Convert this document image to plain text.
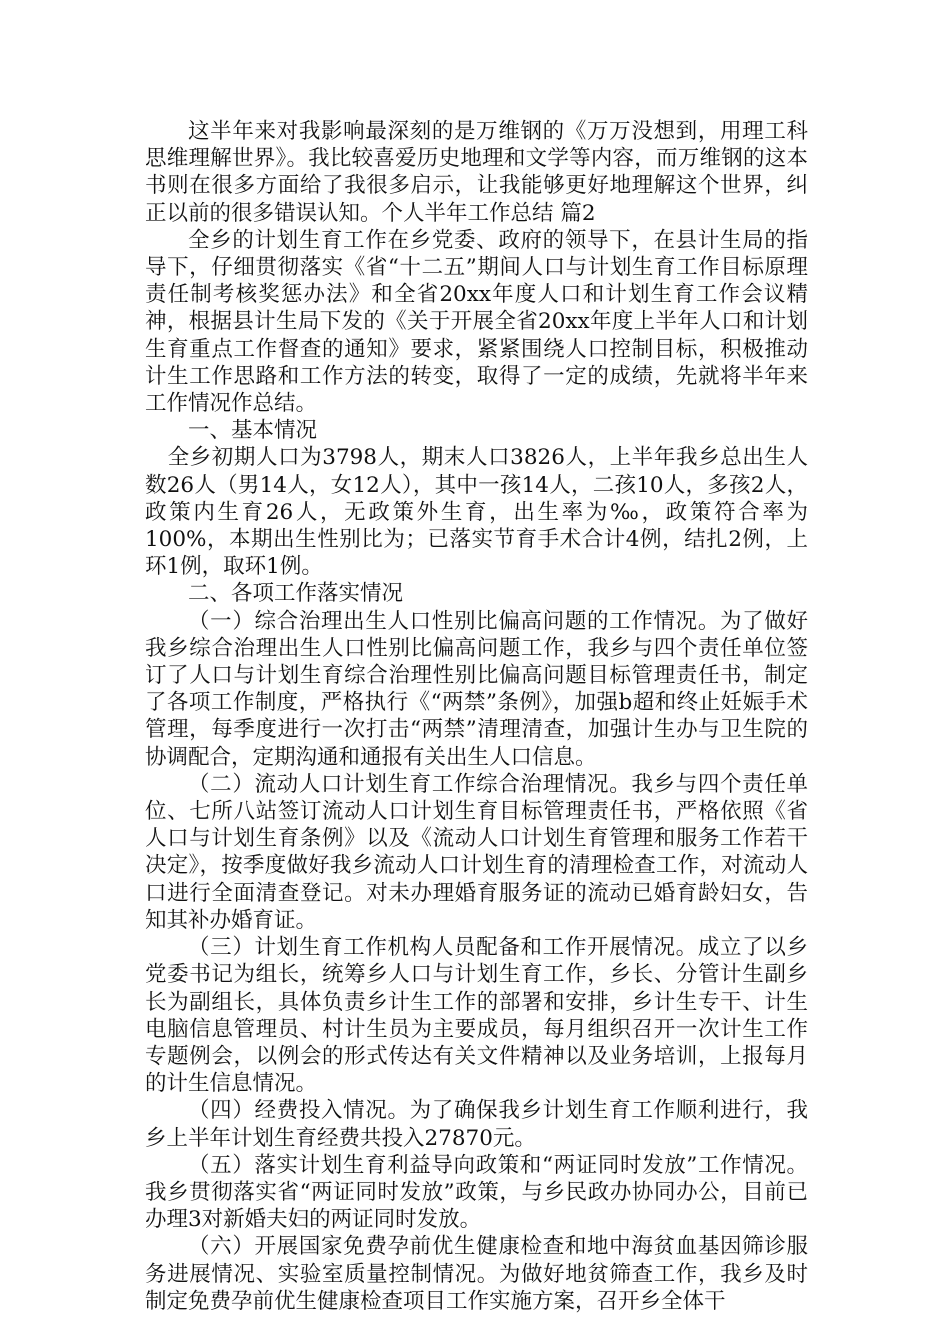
这半年来对我影响最深刻的是万维钢的《万万没想到，用理工科思维理解世界》。我比较喜爱历史地理和文学等内容，而万维钢的这本书则在很多方面给了我很多启示，让我能够更好地理解这个世界，纠正以前的很多错误认知。个人半年工作总结 篇2

全乡的计划生育工作在乡党委、政府的领导下，在县计生局的指导下，仔细贯彻落实《省“十二五”期间人口与计划生育工作目标原理责任制考核奖惩办法》和全省20xx年度人口和计划生育工作会议精神，根据县计生局下发的《关于开展全省20xx年度上半年人口和计划生育重点工作督查的通知》要求，紧紧围绕人口控制目标，积极推动计生工作思路和工作方法的转变，取得了一定的成绩，先就将半年来工作情况作总结。

一、基本情况

全乡初期人口为3798人，期末人口3826人，上半年我乡总出生人数26人（男14人，女12人），其中一孩14人，二孩10人，多孩2人，政策内生育26人，无政策外生育，出生率为‰，政策符合率为100%，本期出生性别比为；已落实节育手术合计4例，结扎2例，上环1例，取环1例。

二、各项工作落实情况

（一）综合治理出生人口性别比偏高问题的工作情况。为了做好我乡综合治理出生人口性别比偏高问题工作，我乡与四个责任单位签订了人口与计划生育综合治理性别比偏高问题目标管理责任书，制定了各项工作制度，严格执行《“两禁”条例》，加强b超和终止妊娠手术管理，每季度进行一次打击“两禁”清理清查，加强计生办与卫生院的协调配合，定期沟通和通报有关出生人口信息。

（二）流动人口计划生育工作综合治理情况。我乡与四个责任单位、七所八站签订流动人口计划生育目标管理责任书，严格依照《省人口与计划生育条例》以及《流动人口计划生育管理和服务工作若干决定》，按季度做好我乡流动人口计划生育的清理检查工作，对流动人口进行全面清查登记。对未办理婚育服务证的流动已婚育龄妇女，告知其补办婚育证。

（三）计划生育工作机构人员配备和工作开展情况。成立了以乡党委书记为组长，统筹乡人口与计划生育工作，乡长、分管计生副乡长为副组长，具体负责乡计生工作的部署和安排，乡计生专干、计生电脑信息管理员、村计生员为主要成员，每月组织召开一次计生工作专题例会，以例会的形式传达有关文件精神以及业务培训，上报每月的计生信息情况。

（四）经费投入情况。为了确保我乡计划生育工作顺利进行，我乡上半年计划生育经费共投入27870元。

（五）落实计划生育利益导向政策和“两证同时发放”工作情况。我乡贯彻落实省“两证同时发放”政策，与乡民政办协同办公，目前已办理3对新婚夫妇的两证同时发放。

（六）开展国家免费孕前优生健康检查和地中海贫血基因筛诊服务进展情况、实验室质量控制情况。为做好地贫筛查工作，我乡及时制定免费孕前优生健康检查项目工作实施方案，召开乡全体干
